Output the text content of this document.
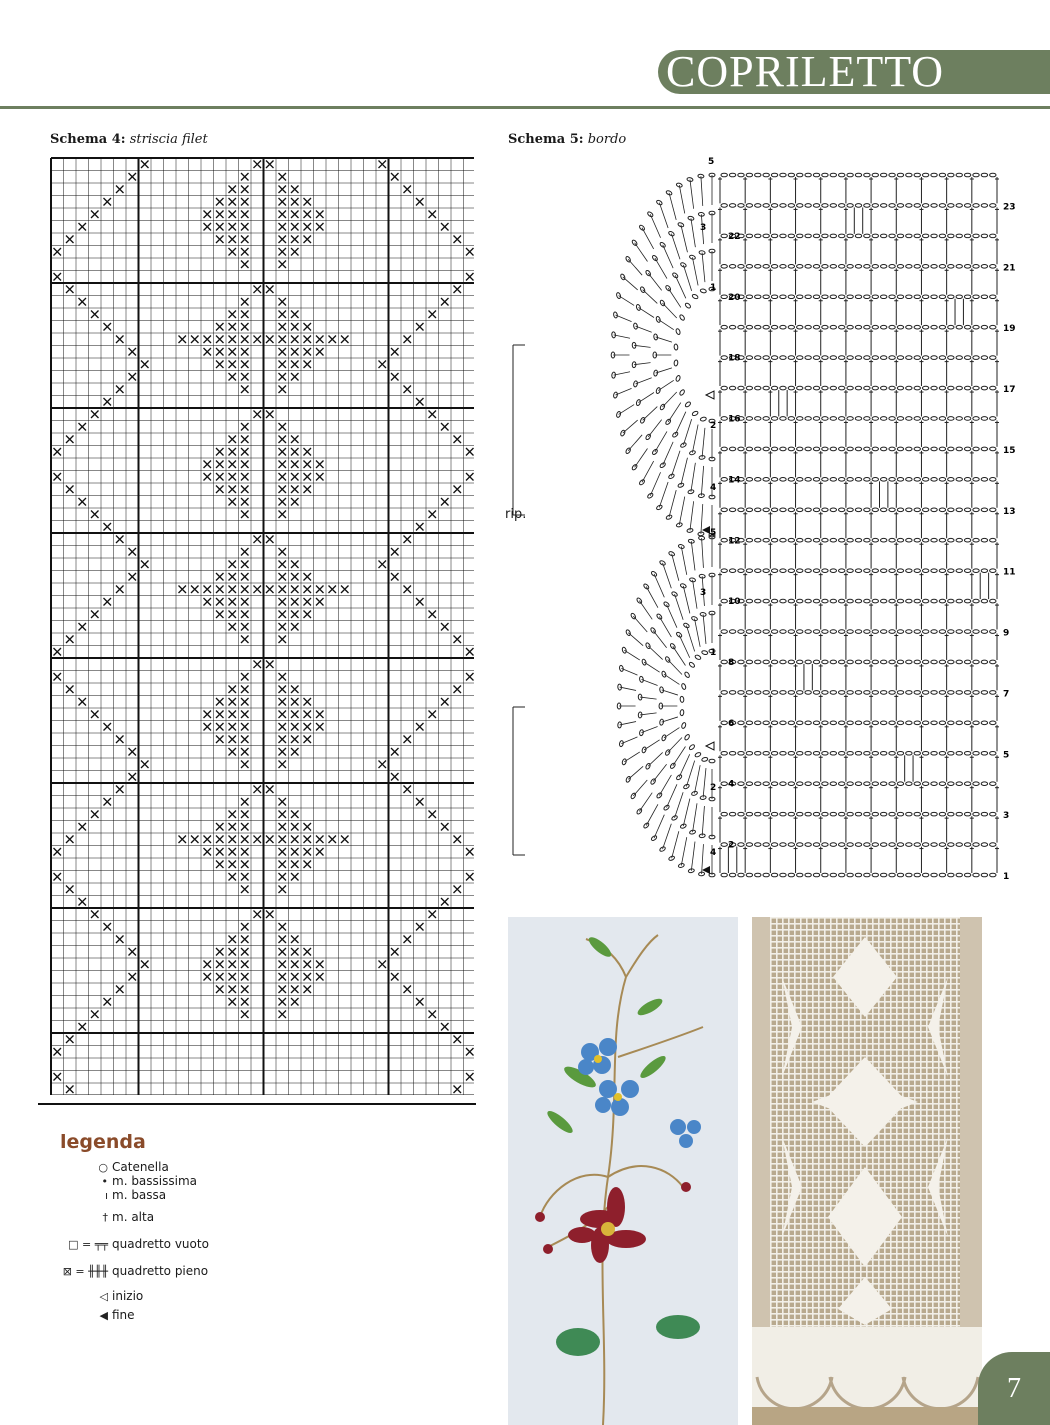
COPRILETTO
Schema 4: striscia filet	Schema 5: bordo
23
21
19
17
15
13
11
9
7
5
3
1
22
20
18
16
14
12
10
8
6
4
2
5
3
1
2
4
5
3
1
2
4
rip.
legenda
○ Catenella
• m. bassissima
ı m. bassa
† m. alta
□ = ╤╤ quadretto vuoto
⊠ = ╫╫╫ quadretto pieno
◁ inizio
◀ fine
7
